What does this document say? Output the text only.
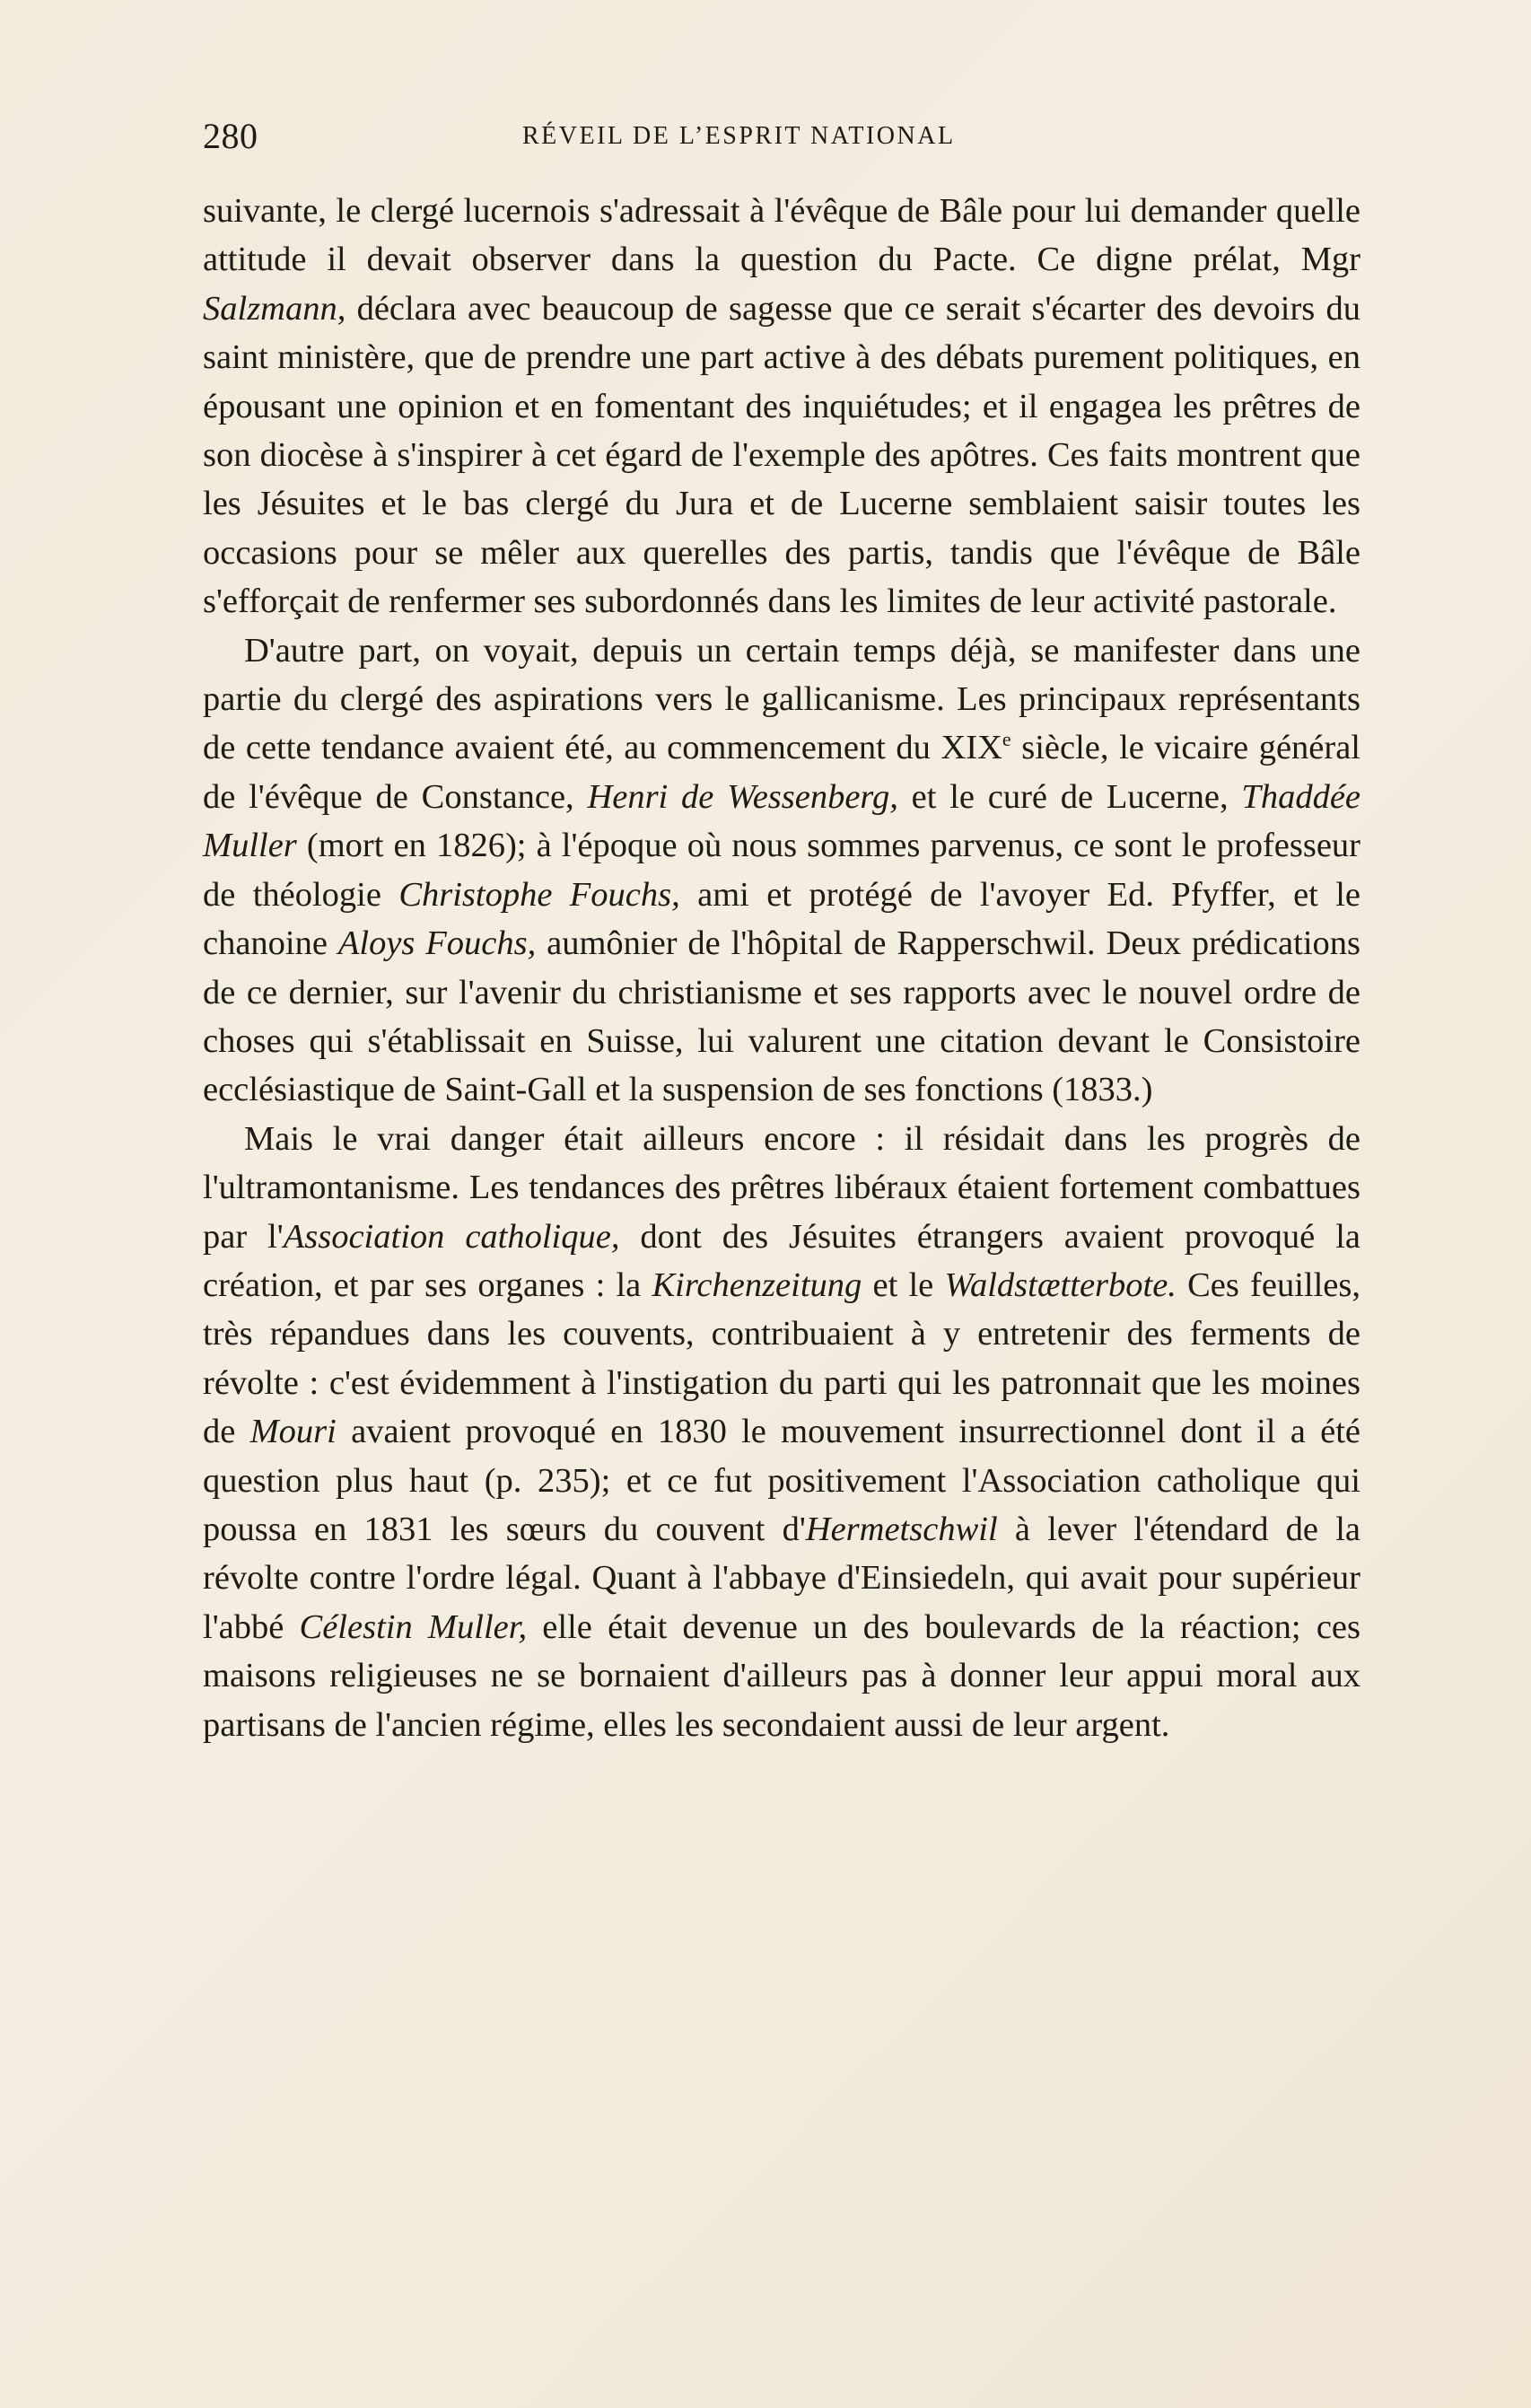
280	RÉVEIL DE L’ESPRIT NATIONAL

suivante, le clergé lucernois s'adressait à l'évêque de Bâle pour lui demander quelle attitude il devait observer dans la question du Pacte. Ce digne prélat, Mgr Salzmann, déclara avec beaucoup de sagesse que ce serait s'écarter des devoirs du saint ministère, que de prendre une part active à des débats purement politiques, en épousant une opinion et en fomentant des inquiétudes; et il engagea les prêtres de son diocèse à s'inspirer à cet égard de l'exemple des apôtres. Ces faits montrent que les Jésuites et le bas clergé du Jura et de Lucerne semblaient saisir toutes les occasions pour se mêler aux querelles des partis, tandis que l'évêque de Bâle s'efforçait de renfermer ses subordonnés dans les limites de leur activité pastorale.

D'autre part, on voyait, depuis un certain temps déjà, se manifester dans une partie du clergé des aspirations vers le gallicanisme. Les principaux représentants de cette tendance avaient été, au commencement du XIXe siècle, le vicaire général de l'évêque de Constance, Henri de Wessenberg, et le curé de Lucerne, Thaddée Muller (mort en 1826); à l'époque où nous sommes parvenus, ce sont le professeur de théologie Christophe Fouchs, ami et protégé de l'avoyer Ed. Pfyffer, et le chanoine Aloys Fouchs, aumônier de l'hôpital de Rapperschwil. Deux prédications de ce dernier, sur l'avenir du christianisme et ses rapports avec le nouvel ordre de choses qui s'établissait en Suisse, lui valurent une citation devant le Consistoire ecclésiastique de Saint-Gall et la suspension de ses fonctions (1833.)

Mais le vrai danger était ailleurs encore : il résidait dans les progrès de l'ultramontanisme. Les tendances des prêtres libéraux étaient fortement combattues par l'Association catholique, dont des Jésuites étrangers avaient provoqué la création, et par ses organes : la Kirchenzeitung et le Waldstætterbote. Ces feuilles, très répandues dans les couvents, contribuaient à y entretenir des ferments de révolte : c'est évidemment à l'instigation du parti qui les patronnait que les moines de Mouri avaient provoqué en 1830 le mouvement insurrectionnel dont il a été question plus haut (p. 235); et ce fut positivement l'Association catholique qui poussa en 1831 les sœurs du couvent d'Hermetschwil à lever l'étendard de la révolte contre l'ordre légal. Quant à l'abbaye d'Einsiedeln, qui avait pour supérieur l'abbé Célestin Muller, elle était devenue un des boulevards de la réaction; ces maisons religieuses ne se bornaient d'ailleurs pas à donner leur appui moral aux partisans de l'ancien régime, elles les secondaient aussi de leur argent.
